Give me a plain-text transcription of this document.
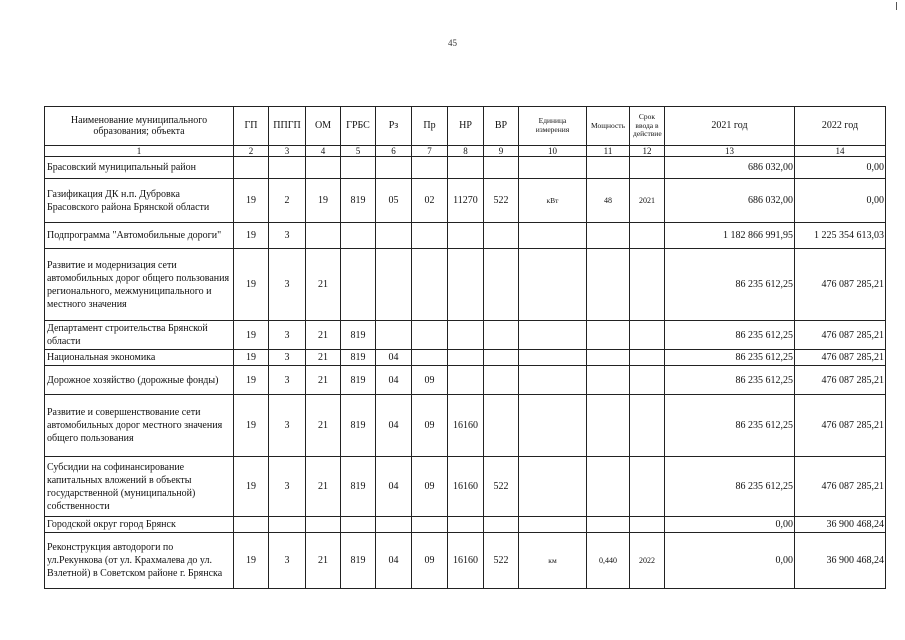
45
Наименование муниципального образования; объекта	ГП	ППГП	ОМ	ГРБС	Рз	Пр	НР	ВР	Единица измерения	Мощность	Срок ввода в действие	2021 год	2022 год
1	2	3	4	5	6	7	8	9	10	11	12	13	14
Брасовский муниципальный район												686 032,00	0,00
Газификация ДК н.п. Дубровка Брасовского района Брянской области	19	2	19	819	05	02	11270	522	кВт	48	2021	686 032,00	0,00
Подпрограмма "Автомобильные дороги"	19	3										1 182 866 991,95	1 225 354 613,03
Развитие и модернизация сети автомобильных дорог общего пользования регионального, межмуниципального и местного значения	19	3	21									86 235 612,25	476 087 285,21
Департамент строительства Брянской области	19	3	21	819								86 235 612,25	476 087 285,21
Национальная экономика	19	3	21	819	04							86 235 612,25	476 087 285,21
Дорожное хозяйство (дорожные фонды)	19	3	21	819	04	09						86 235 612,25	476 087 285,21
Развитие и совершенствование сети автомобильных дорог местного значения общего пользования	19	3	21	819	04	09	16160					86 235 612,25	476 087 285,21
Субсидии на софинансирование капитальных вложений в объекты государственной (муниципальной) собственности	19	3	21	819	04	09	16160	522				86 235 612,25	476 087 285,21
Городской округ город Брянск												0,00	36 900 468,24
Реконструкция автодороги по ул.Рекункова (от ул. Крахмалева до ул. Взлетной) в Советском районе г. Брянска	19	3	21	819	04	09	16160	522	км	0,440	2022	0,00	36 900 468,24
